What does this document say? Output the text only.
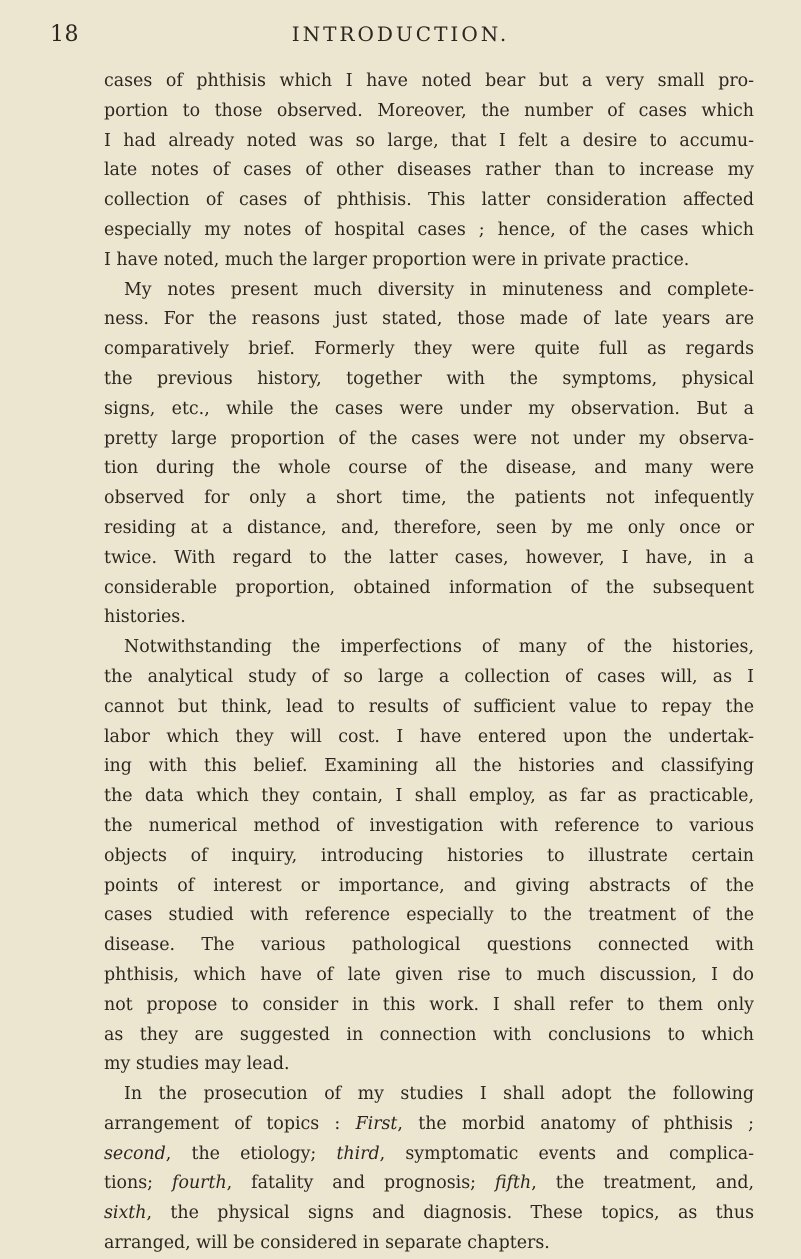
18	INTRODUCTION.
cases of phthisis which I have noted bear but a very small pro-
portion to those observed. Moreover, the number of cases which
I had already noted was so large, that I felt a desire to accumu-
late notes of cases of other diseases rather than to increase my
collection of cases of phthisis. This latter consideration affected
especially my notes of hospital cases ; hence, of the cases which
I have noted, much the larger proportion were in private practice.
My notes present much diversity in minuteness and complete-
ness. For the reasons just stated, those made of late years are
comparatively brief. Formerly they were quite full as regards
the previous history, together with the symptoms, physical
signs, etc., while the cases were under my observation. But a
pretty large proportion of the cases were not under my observa-
tion during the whole course of the disease, and many were
observed for only a short time, the patients not infequently
residing at a distance, and, therefore, seen by me only once or
twice. With regard to the latter cases, however, I have, in a
considerable proportion, obtained information of the subsequent
histories.
Notwithstanding the imperfections of many of the histories,
the analytical study of so large a collection of cases will, as I
cannot but think, lead to results of sufficient value to repay the
labor which they will cost. I have entered upon the undertak-
ing with this belief. Examining all the histories and classifying
the data which they contain, I shall employ, as far as practicable,
the numerical method of investigation with reference to various
objects of inquiry, introducing histories to illustrate certain
points of interest or importance, and giving abstracts of the
cases studied with reference especially to the treatment of the
disease. The various pathological questions connected with
phthisis, which have of late given rise to much discussion, I do
not propose to consider in this work. I shall refer to them only
as they are suggested in connection with conclusions to which
my studies may lead.
In the prosecution of my studies I shall adopt the following
arrangement of topics : First, the morbid anatomy of phthisis ;
second, the etiology; third, symptomatic events and complica-
tions; fourth, fatality and prognosis; fifth, the treatment, and,
sixth, the physical signs and diagnosis. These topics, as thus
arranged, will be considered in separate chapters.
